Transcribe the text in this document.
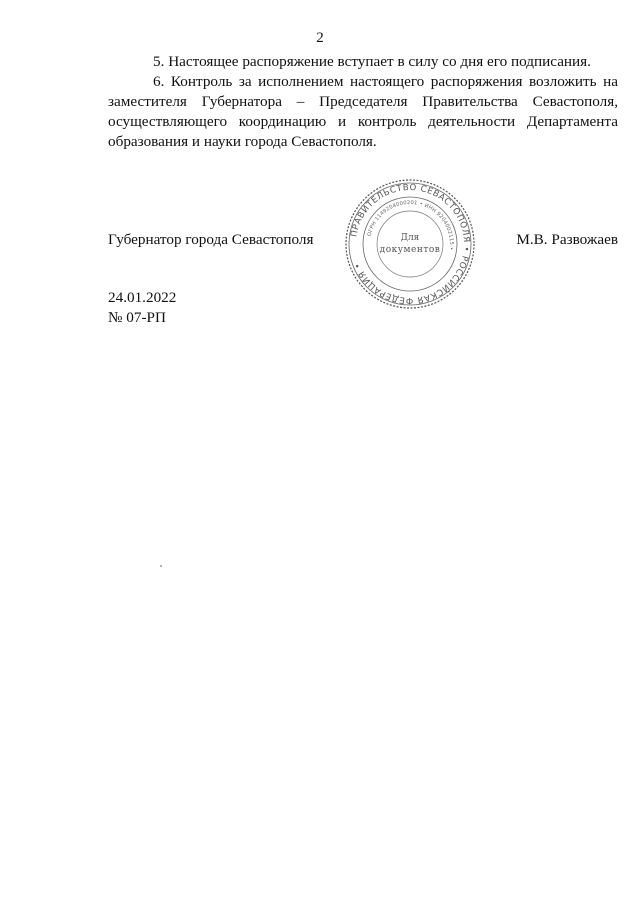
2

5. Настоящее распоряжение вступает в силу со дня его подписания.

6. Контроль за исполнением настоящего распоряжения возложить на заместителя Губернатора – Председателя Правительства Севастополя, осуществляющего координацию и контроль деятельности Департамента образования и науки города Севастополя.

Губернатор города Севастополя	М.В. Развожаев
ПРАВИТЕЛЬСТВО СЕВАСТОПОЛЯ • РОССИЙСКАЯ ФЕДЕРАЦИЯ •
ОГРН 1149204000201 • ИНН 9204002115 •
Для
документов
24.01.2022
№ 07-РП
